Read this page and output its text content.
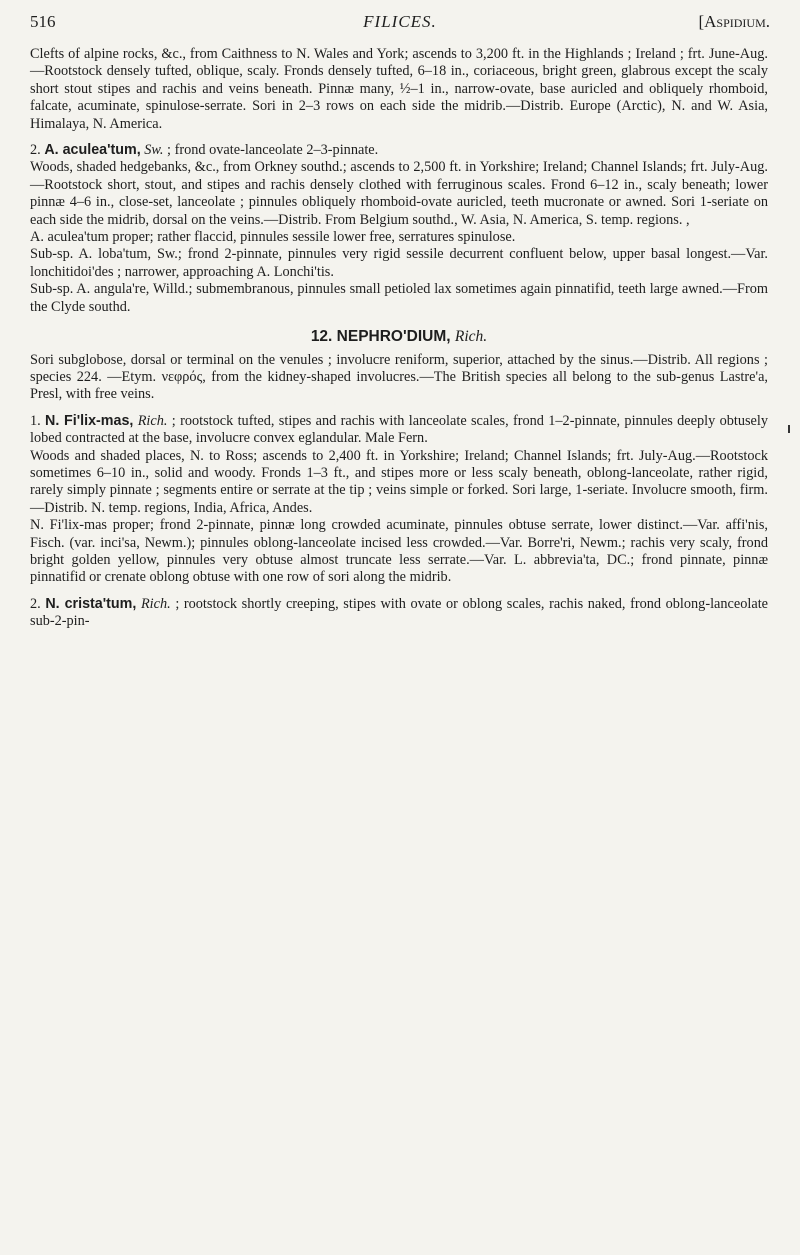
516	FILICES.	[Aspidium.

Clefts of alpine rocks, &c., from Caithness to N. Wales and York; ascends to 3,200 ft. in the Highlands ; Ireland ; frt. June-Aug.—Rootstock densely tufted, oblique, scaly. Fronds densely tufted, 6–18 in., coriaceous, bright green, glabrous except the scaly short stout stipes and rachis and veins beneath. Pinnæ many, ½–1 in., narrow-ovate, base auricled and obliquely rhomboid, falcate, acuminate, spinulose-serrate. Sori in 2–3 rows on each side the midrib.—Distrib. Europe (Arctic), N. and W. Asia, Himalaya, N. America.

2. A. aculea'tum, Sw. ; frond ovate-lanceolate 2–3-pinnate.

Woods, shaded hedgebanks, &c., from Orkney southd.; ascends to 2,500 ft. in Yorkshire; Ireland; Channel Islands; frt. July-Aug.—Rootstock short, stout, and stipes and rachis densely clothed with ferruginous scales. Frond 6–12 in., scaly beneath; lower pinnæ 4–6 in., close-set, lanceolate ; pinnules obliquely rhomboid-ovate auricled, teeth mucronate or awned. Sori 1-seriate on each side the midrib, dorsal on the veins.—Distrib. From Belgium southd., W. Asia, N. America, S. temp. regions. ,

A. aculea'tum proper; rather flaccid, pinnules sessile lower free, serratures spinulose.

Sub-sp. A. loba'tum, Sw.; frond 2-pinnate, pinnules very rigid sessile decurrent confluent below, upper basal longest.—Var. lonchitidoi'des ; narrower, approaching A. Lonchi'tis.

Sub-sp. A. angula're, Willd.; submembranous, pinnules small petioled lax sometimes again pinnatifid, teeth large awned.—From the Clyde southd.

12. NEPHRO'DIUM, Rich.

Sori subglobose, dorsal or terminal on the venules ; involucre reniform, superior, attached by the sinus.—Distrib. All regions ; species 224. —Etym. νεφρός, from the kidney-shaped involucres.—The British species all belong to the sub-genus Lastre'a, Presl, with free veins.

1. N. Fi'lix-mas, Rich. ; rootstock tufted, stipes and rachis with lanceolate scales, frond 1–2-pinnate, pinnules deeply obtusely lobed contracted at the base, involucre convex eglandular. Male Fern.

Woods and shaded places, N. to Ross; ascends to 2,400 ft. in Yorkshire; Ireland; Channel Islands; frt. July-Aug.—Rootstock sometimes 6–10 in., solid and woody. Fronds 1–3 ft., and stipes more or less scaly beneath, oblong-lanceolate, rather rigid, rarely simply pinnate ; segments entire or serrate at the tip ; veins simple or forked. Sori large, 1-seriate. Involucre smooth, firm.—Distrib. N. temp. regions, India, Africa, Andes.

N. Fi'lix-mas proper; frond 2-pinnate, pinnæ long crowded acuminate, pinnules obtuse serrate, lower distinct.—Var. affi'nis, Fisch. (var. inci'sa, Newm.); pinnules oblong-lanceolate incised less crowded.—Var. Borre'ri, Newm.; rachis very scaly, frond bright golden yellow, pinnules very obtuse almost truncate less serrate.—Var. L. abbrevia'ta, DC.; frond pinnate, pinnæ pinnatifid or crenate oblong obtuse with one row of sori along the midrib.

2. N. crista'tum, Rich. ; rootstock shortly creeping, stipes with ovate or oblong scales, rachis naked, frond oblong-lanceolate sub-2-pin-
